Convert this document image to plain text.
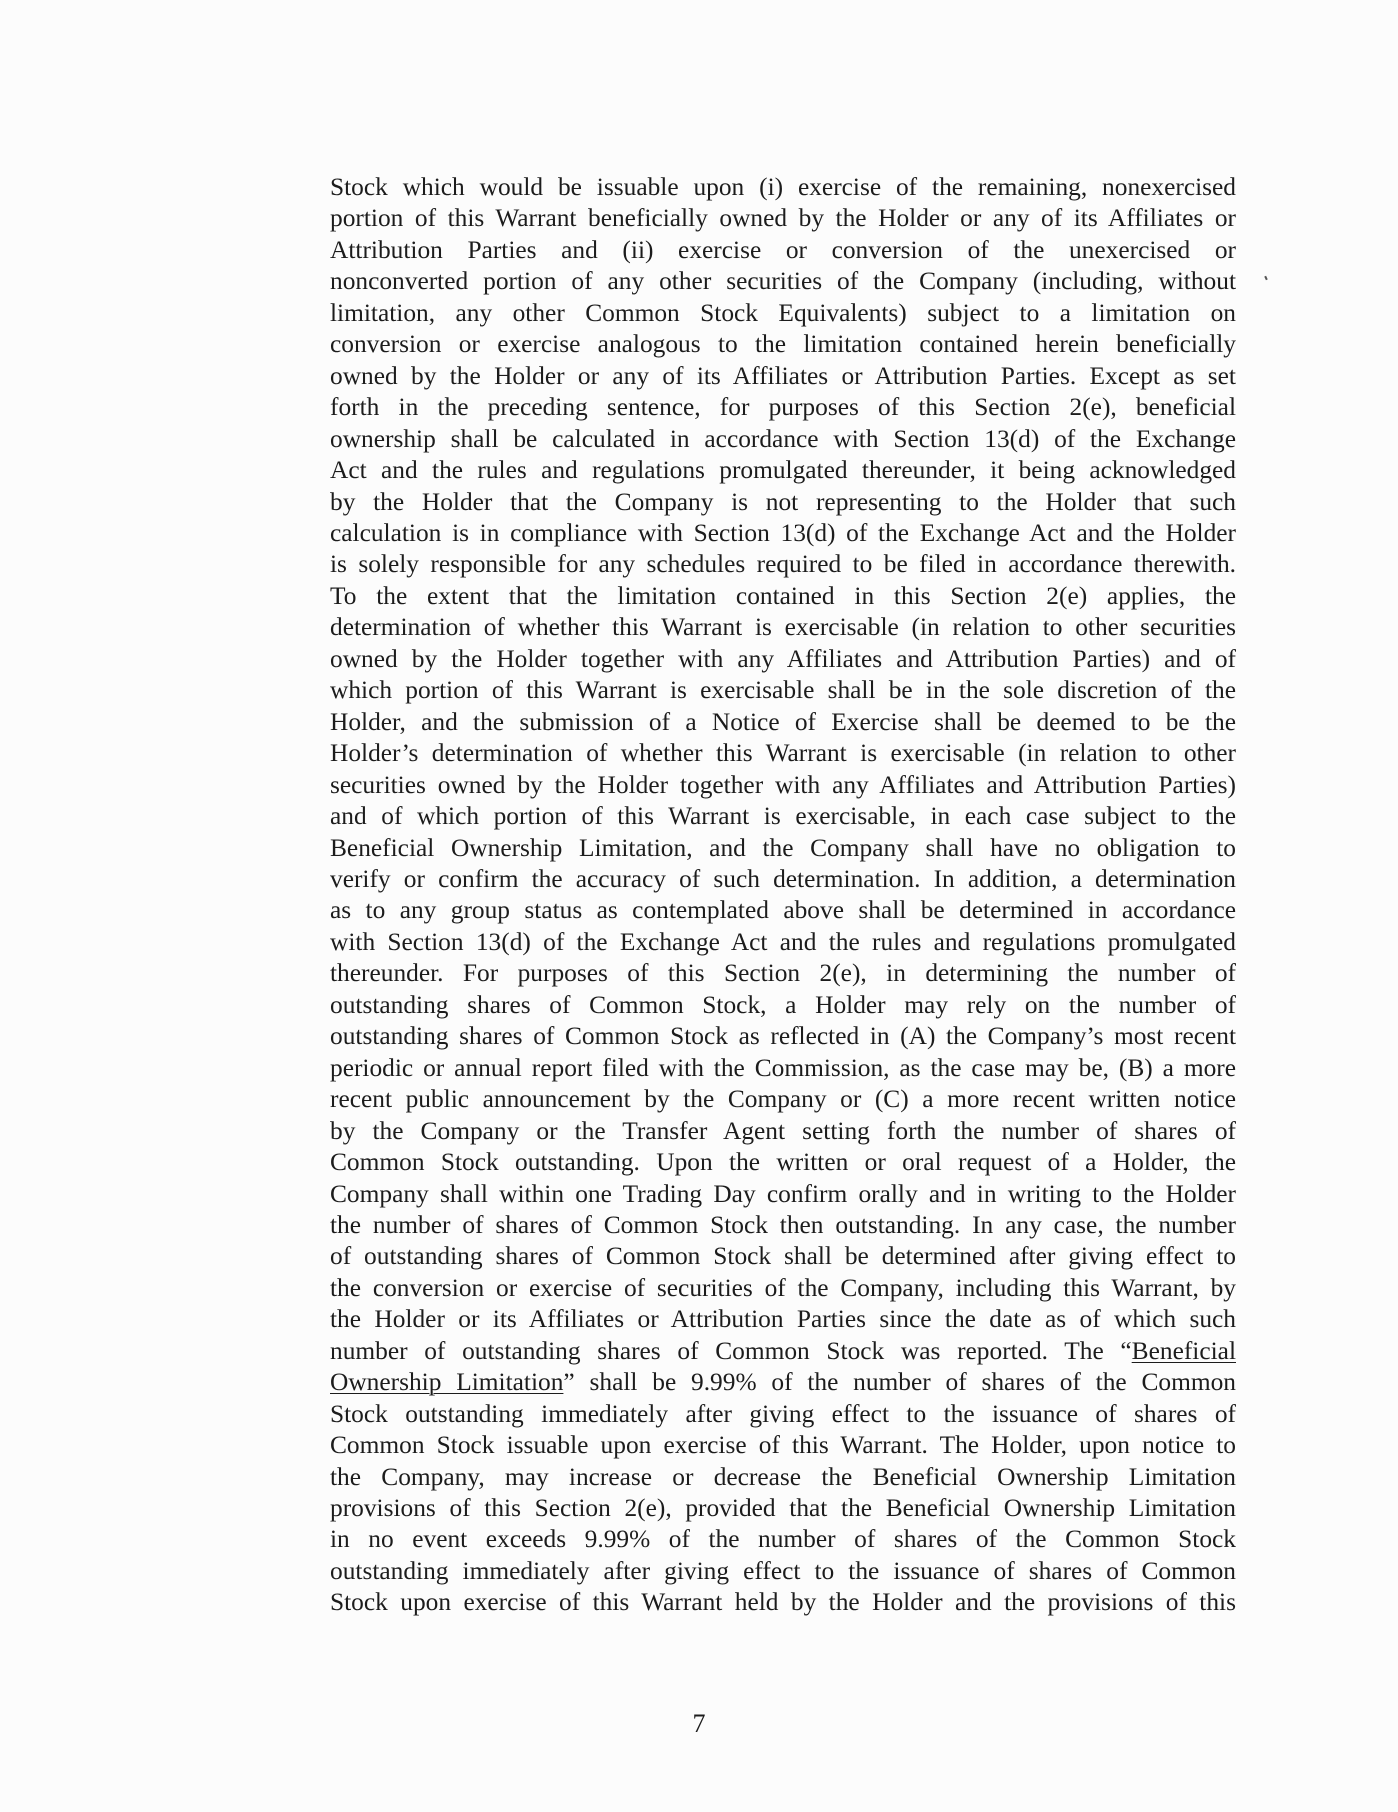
Stock which would be issuable upon (i) exercise of the remaining, nonexercised
portion of this Warrant beneficially owned by the Holder or any of its Affiliates or
Attribution Parties and (ii) exercise or conversion of the unexercised or
nonconverted portion of any other securities of the Company (including, without
limitation, any other Common Stock Equivalents) subject to a limitation on
conversion or exercise analogous to the limitation contained herein beneficially
owned by the Holder or any of its Affiliates or Attribution Parties. Except as set
forth in the preceding sentence, for purposes of this Section 2(e), beneficial
ownership shall be calculated in accordance with Section 13(d) of the Exchange
Act and the rules and regulations promulgated thereunder, it being acknowledged
by the Holder that the Company is not representing to the Holder that such
calculation is in compliance with Section 13(d) of the Exchange Act and the Holder
is solely responsible for any schedules required to be filed in accordance therewith.
To the extent that the limitation contained in this Section 2(e) applies, the
determination of whether this Warrant is exercisable (in relation to other securities
owned by the Holder together with any Affiliates and Attribution Parties) and of
which portion of this Warrant is exercisable shall be in the sole discretion of the
Holder, and the submission of a Notice of Exercise shall be deemed to be the
Holder’s determination of whether this Warrant is exercisable (in relation to other
securities owned by the Holder together with any Affiliates and Attribution Parties)
and of which portion of this Warrant is exercisable, in each case subject to the
Beneficial Ownership Limitation, and the Company shall have no obligation to
verify or confirm the accuracy of such determination. In addition, a determination
as to any group status as contemplated above shall be determined in accordance
with Section 13(d) of the Exchange Act and the rules and regulations promulgated
thereunder. For purposes of this Section 2(e), in determining the number of
outstanding shares of Common Stock, a Holder may rely on the number of
outstanding shares of Common Stock as reflected in (A) the Company’s most recent
periodic or annual report filed with the Commission, as the case may be, (B) a more
recent public announcement by the Company or (C) a more recent written notice
by the Company or the Transfer Agent setting forth the number of shares of
Common Stock outstanding. Upon the written or oral request of a Holder, the
Company shall within one Trading Day confirm orally and in writing to the Holder
the number of shares of Common Stock then outstanding. In any case, the number
of outstanding shares of Common Stock shall be determined after giving effect to
the conversion or exercise of securities of the Company, including this Warrant, by
the Holder or its Affiliates or Attribution Parties since the date as of which such
number of outstanding shares of Common Stock was reported. The “Beneficial
Ownership Limitation” shall be 9.99% of the number of shares of the Common
Stock outstanding immediately after giving effect to the issuance of shares of
Common Stock issuable upon exercise of this Warrant. The Holder, upon notice to
the Company, may increase or decrease the Beneficial Ownership Limitation
provisions of this Section 2(e), provided that the Beneficial Ownership Limitation
in no event exceeds 9.99% of the number of shares of the Common Stock
outstanding immediately after giving effect to the issuance of shares of Common
Stock upon exercise of this Warrant held by the Holder and the provisions of this
7
